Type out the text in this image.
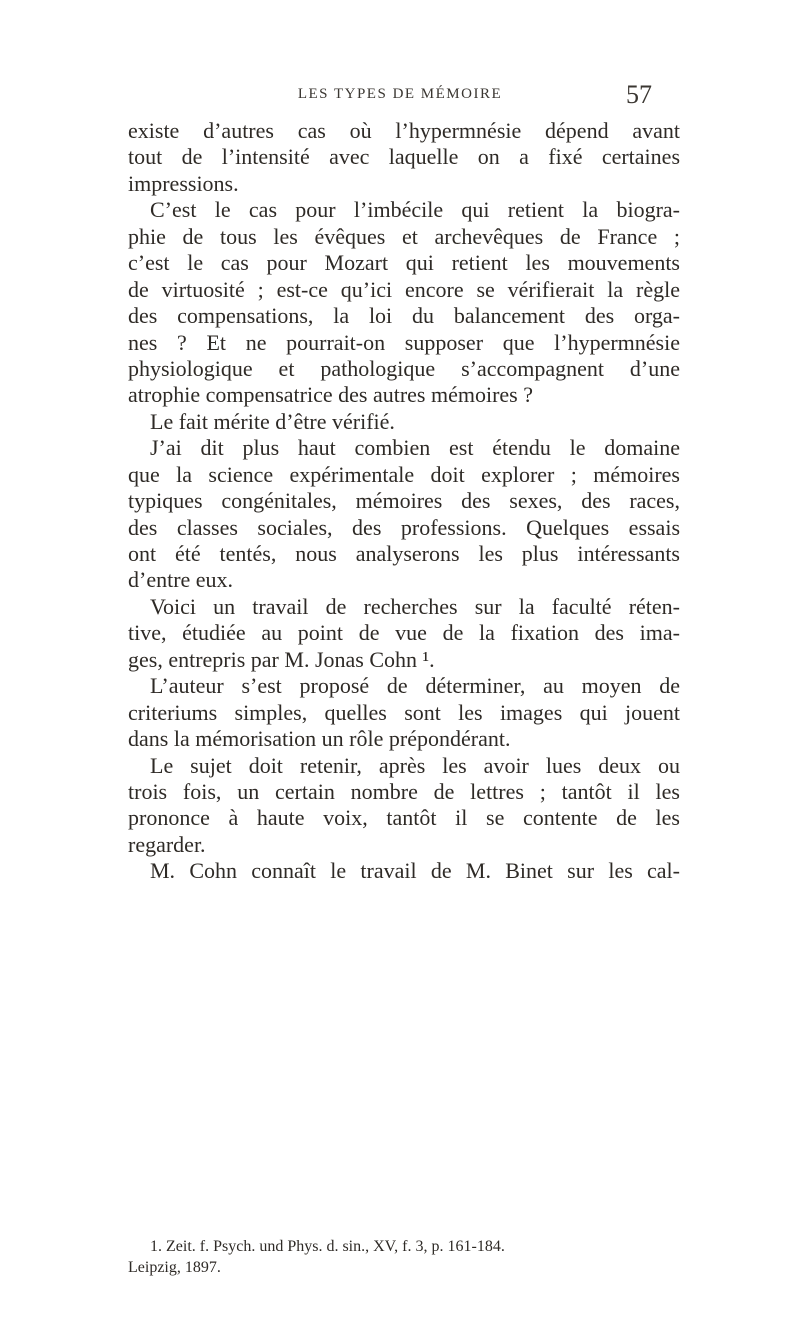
LES TYPES DE MÉMOIRE	57
existe d’autres cas où l’hypermnésie dépend avant
tout de l’intensité avec laquelle on a fixé certaines
impressions.
C’est le cas pour l’imbécile qui retient la biogra-
phie de tous les évêques et archevêques de France ;
c’est le cas pour Mozart qui retient les mouvements
de virtuosité ; est-ce qu’ici encore se vérifierait la règle
des compensations, la loi du balancement des orga-
nes ? Et ne pourrait-on supposer que l’hypermnésie
physiologique et pathologique s’accompagnent d’une
atrophie compensatrice des autres mémoires ?
Le fait mérite d’être vérifié.
J’ai dit plus haut combien est étendu le domaine
que la science expérimentale doit explorer ; mémoires
typiques congénitales, mémoires des sexes, des races,
des classes sociales, des professions. Quelques essais
ont été tentés, nous analyserons les plus intéressants
d’entre eux.
Voici un travail de recherches sur la faculté réten-
tive, étudiée au point de vue de la fixation des ima-
ges, entrepris par M. Jonas Cohn ¹.
L’auteur s’est proposé de déterminer, au moyen de
criteriums simples, quelles sont les images qui jouent
dans la mémorisation un rôle prépondérant.
Le sujet doit retenir, après les avoir lues deux ou
trois fois, un certain nombre de lettres ; tantôt il les
prononce à haute voix, tantôt il se contente de les
regarder.
M. Cohn connaît le travail de M. Binet sur les cal-
1. Zeit. f. Psych. und Phys. d. sin., XV, f. 3, p. 161-184.
Leipzig, 1897.
